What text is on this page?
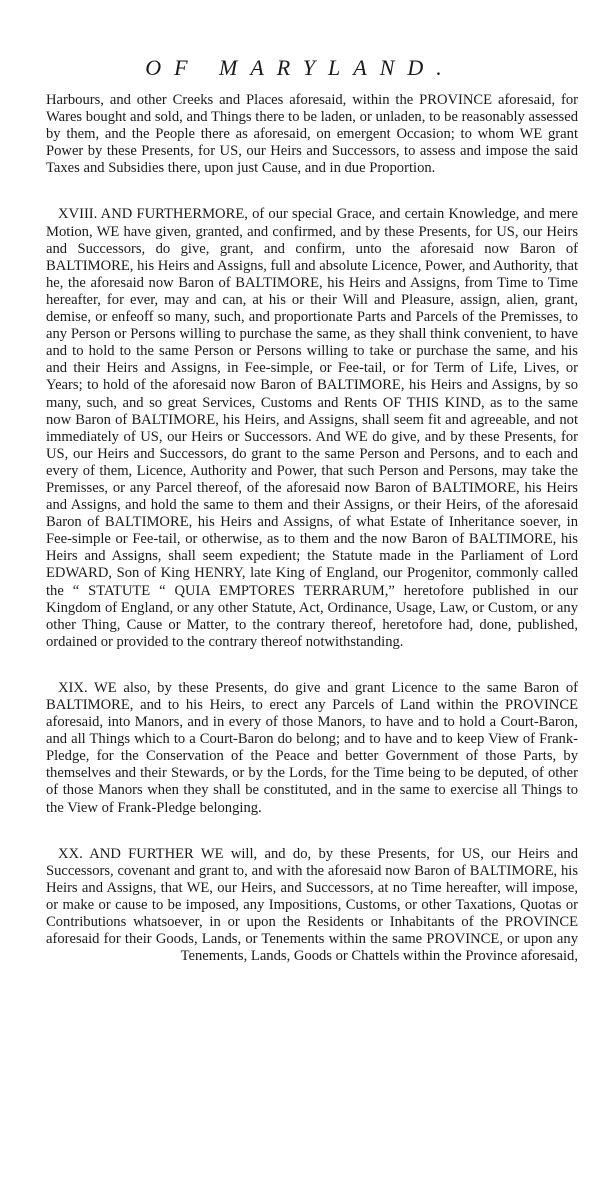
OF MARYLAND.

Harbours, and other Creeks and Places aforesaid, within the PROVINCE aforesaid, for Wares bought and sold, and Things there to be laden, or unladen, to be reasonably assessed by them, and the People there as aforesaid, on emergent Occasion; to whom WE grant Power by these Presents, for US, our Heirs and Successors, to assess and impose the said Taxes and Subsidies there, upon just Cause, and in due Proportion.

XVIII. AND FURTHERMORE, of our special Grace, and certain Knowledge, and mere Motion, WE have given, granted, and confirmed, and by these Presents, for US, our Heirs and Successors, do give, grant, and confirm, unto the aforesaid now Baron of BALTIMORE, his Heirs and Assigns, full and absolute Licence, Power, and Authority, that he, the aforesaid now Baron of BALTIMORE, his Heirs and Assigns, from Time to Time hereafter, for ever, may and can, at his or their Will and Pleasure, assign, alien, grant, demise, or enfeoff so many, such, and proportionate Parts and Parcels of the Premisses, to any Person or Persons willing to purchase the same, as they shall think convenient, to have and to hold to the same Person or Persons willing to take or purchase the same, and his and their Heirs and Assigns, in Fee-simple, or Fee-tail, or for Term of Life, Lives, or Years; to hold of the aforesaid now Baron of BALTIMORE, his Heirs and Assigns, by so many, such, and so great Services, Customs and Rents OF THIS KIND, as to the same now Baron of BALTIMORE, his Heirs, and Assigns, shall seem fit and agreeable, and not immediately of US, our Heirs or Successors. And WE do give, and by these Presents, for US, our Heirs and Successors, do grant to the same Person and Persons, and to each and every of them, Licence, Authority and Power, that such Person and Persons, may take the Premisses, or any Parcel thereof, of the aforesaid now Baron of BALTIMORE, his Heirs and Assigns, and hold the same to them and their Assigns, or their Heirs, of the aforesaid Baron of BALTIMORE, his Heirs and Assigns, of what Estate of Inheritance soever, in Fee-simple or Fee-tail, or otherwise, as to them and the now Baron of BALTIMORE, his Heirs and Assigns, shall seem expedient; the Statute made in the Parliament of Lord EDWARD, Son of King HENRY, late King of England, our Progenitor, commonly called the “ STATUTE “ QUIA EMPTORES TERRARUM,” heretofore published in our Kingdom of England, or any other Statute, Act, Ordinance, Usage, Law, or Custom, or any other Thing, Cause or Matter, to the contrary thereof, heretofore had, done, published, ordained or provided to the contrary thereof notwithstanding.

XIX. WE also, by these Presents, do give and grant Licence to the same Baron of BALTIMORE, and to his Heirs, to erect any Parcels of Land within the PROVINCE aforesaid, into Manors, and in every of those Manors, to have and to hold a Court-Baron, and all Things which to a Court-Baron do belong; and to have and to keep View of Frank-Pledge, for the Conservation of the Peace and better Government of those Parts, by themselves and their Stewards, or by the Lords, for the Time being to be deputed, of other of those Manors when they shall be constituted, and in the same to exercise all Things to the View of Frank-Pledge belonging.

XX. AND FURTHER WE will, and do, by these Presents, for US, our Heirs and Successors, covenant and grant to, and with the aforesaid now Baron of BALTIMORE, his Heirs and Assigns, that WE, our Heirs, and Successors, at no Time hereafter, will impose, or make or cause to be imposed, any Impositions, Customs, or other Taxations, Quotas or Contributions whatsoever, in or upon the Residents or Inhabitants of the PROVINCE aforesaid for their Goods, Lands, or Tenements within the same PROVINCE, or upon any Tenements, Lands, Goods or Chattels within the Province aforesaid,
